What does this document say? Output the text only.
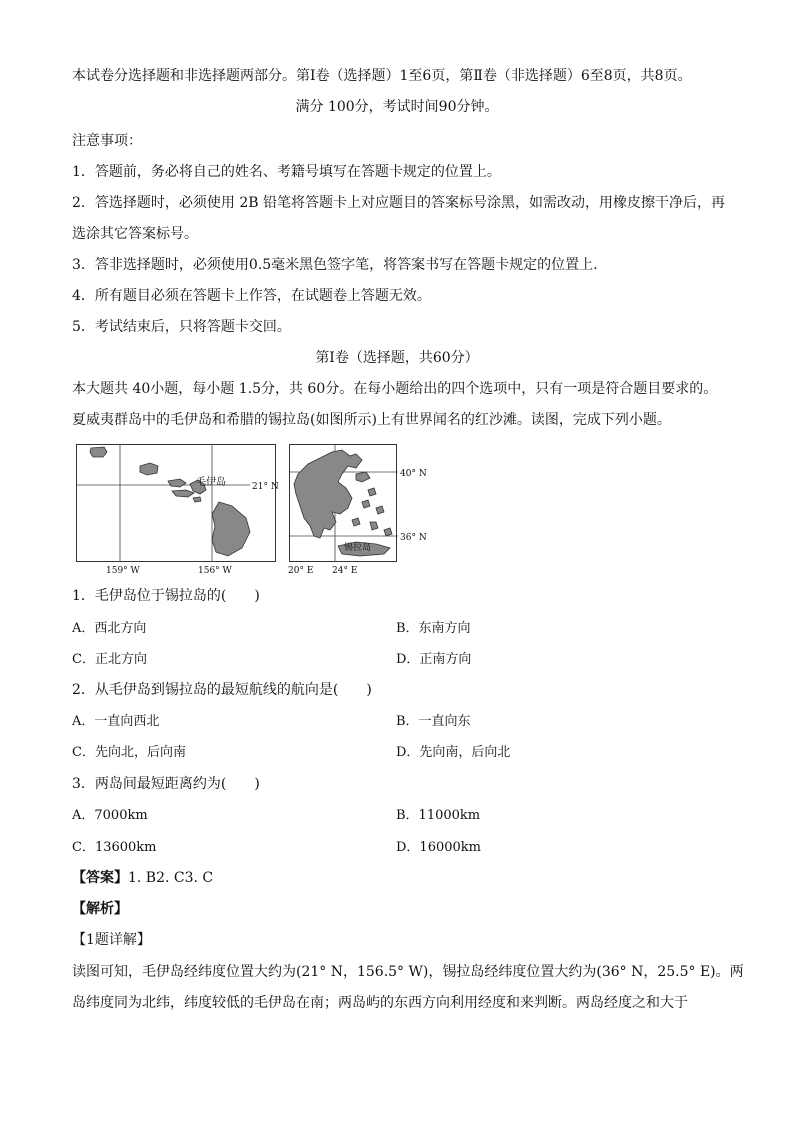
本试卷分选择题和非选择题两部分。第Ⅰ卷（选择题）1至6页，第Ⅱ卷（非选择题）6至8页，共8页。
满分 100分，考试时间90分钟。
注意事项：
1．答题前，务必将自己的姓名、考籍号填写在答题卡规定的位置上。
2．答选择题时，必须使用 2B 铅笔将答题卡上对应题目的答案标号涂黑，如需改动，用橡皮擦干净后，再
选涂其它答案标号。
3．答非选择题时，必须使用0.5毫米黑色签字笔，将答案书写在答题卡规定的位置上.
4．所有题目必须在答题卡上作答，在试题卷上答题无效。
5．考试结束后，只将答题卡交回。
第Ⅰ卷（选择题，共60分）
本大题共 40小题，每小题 1.5分，共 60分。在每小题给出的四个选项中，只有一项是符合题目要求的。
夏威夷群岛中的毛伊岛和希腊的锡拉岛(如图所示)上有世界闻名的红沙滩。读图，完成下列小题。
毛伊岛	21° N
159° W	156° W
锡拉岛
40° N
36° N
20° E 24° E
1．毛伊岛位于锡拉岛的(　　)
A．西北方向	B．东南方向
C．正北方向	D．正南方向
2．从毛伊岛到锡拉岛的最短航线的航向是(　　)
A．一直向西北	B．一直向东
C．先向北，后向南	D．先向南，后向北
3．两岛间最短距离约为(　　)
A．7000km	B．11000km
C．13600km	D．16000km
【答案】1. B2. C3. C
【解析】
【1题详解】
读图可知，毛伊岛经纬度位置大约为(21° N，156.5° W)，锡拉岛经纬度位置大约为(36° N，25.5° E)。两
岛纬度同为北纬，纬度较低的毛伊岛在南；两岛屿的东西方向利用经度和来判断。两岛经度之和大于
